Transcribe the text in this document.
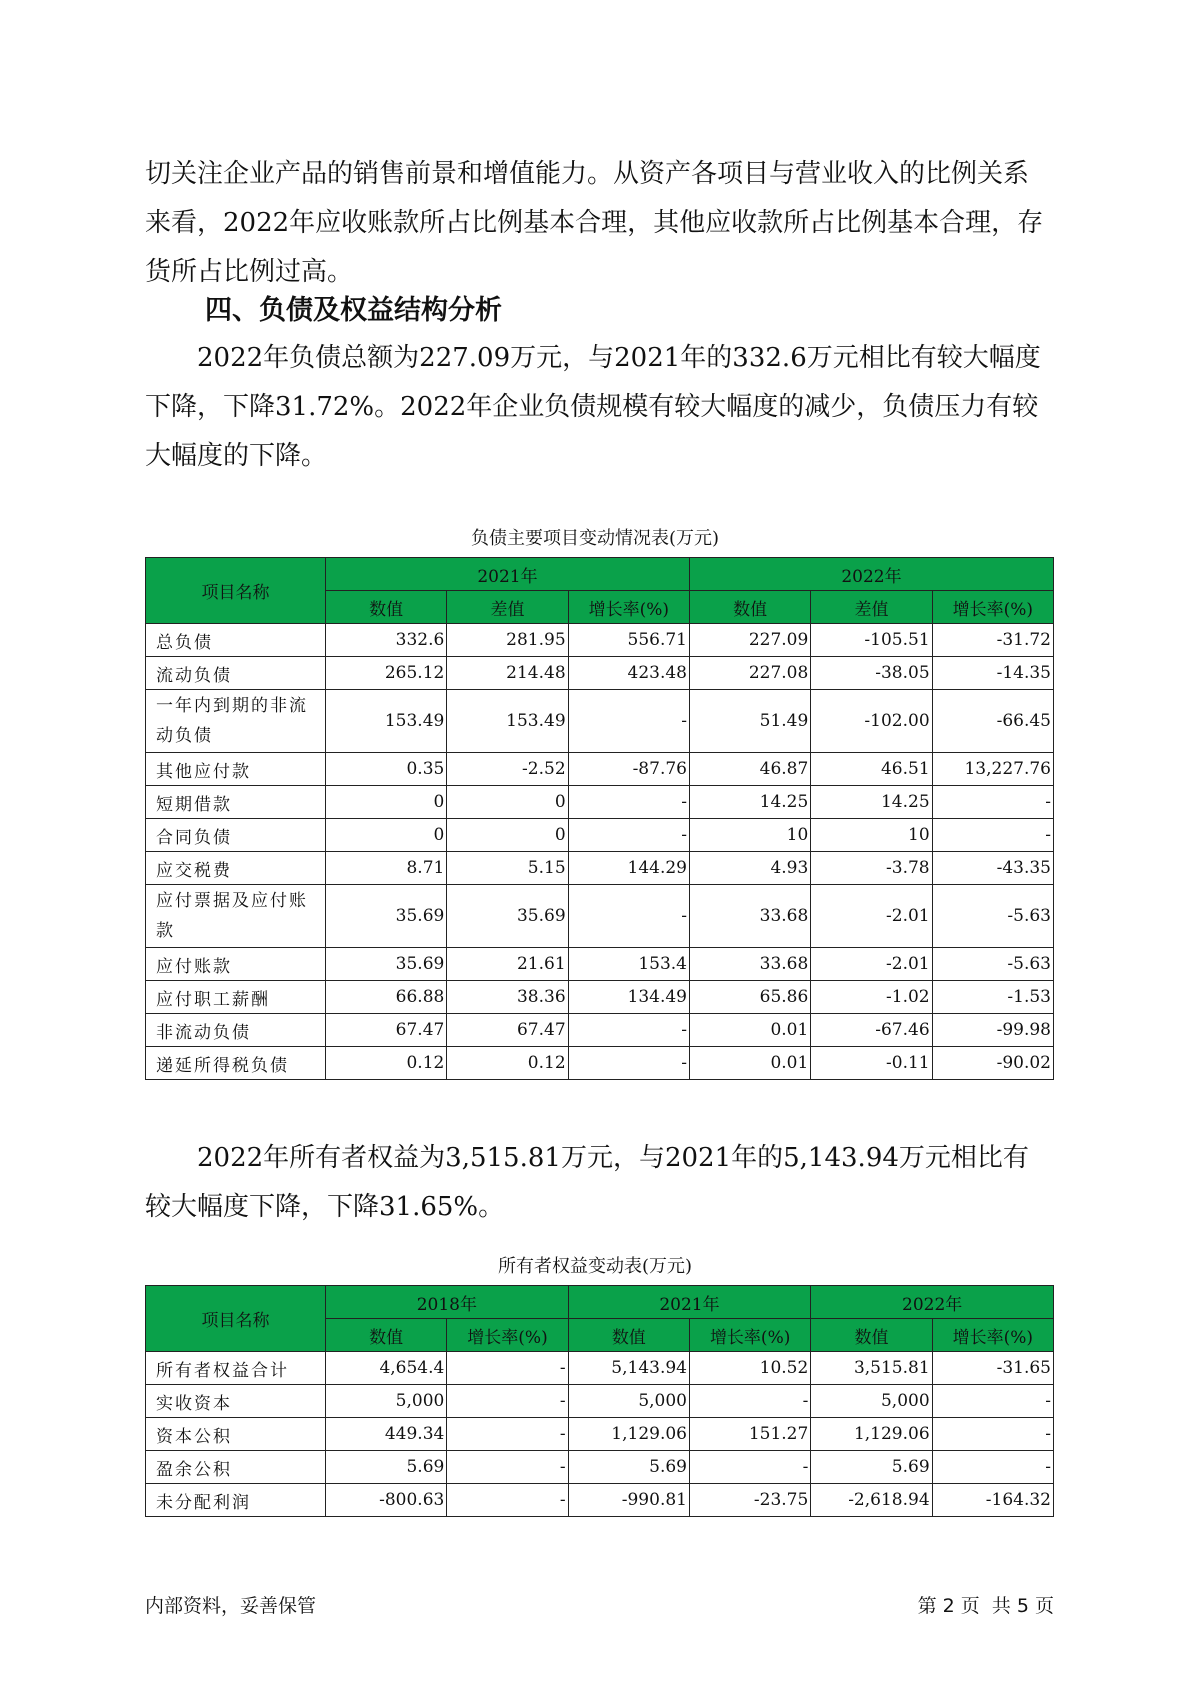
切关注企业产品的销售前景和增值能力。从资产各项目与营业收入的比例关系来看，2022年应收账款所占比例基本合理，其他应收款所占比例基本合理，存货所占比例过高。

四、负债及权益结构分析

2022年负债总额为227.09万元，与2021年的332.6万元相比有较大幅度下降，下降31.72%。2022年企业负债规模有较大幅度的减少，负债压力有较大幅度的下降。

负债主要项目变动情况表(万元)
项目名称	2021年			2022年		
	数值	差值	增长率(%)	数值	差值	增长率(%)
总负债	332.6	281.95	556.71	227.09	-105.51	-31.72
流动负债	265.12	214.48	423.48	227.08	-38.05	-14.35
一年内到期的非流动负债	153.49	153.49	-	51.49	-102.00	-66.45
其他应付款	0.35	-2.52	-87.76	46.87	46.51	13,227.76
短期借款	0	0	-	14.25	14.25	-
合同负债	0	0	-	10	10	-
应交税费	8.71	5.15	144.29	4.93	-3.78	-43.35
应付票据及应付账款	35.69	35.69	-	33.68	-2.01	-5.63
应付账款	35.69	21.61	153.4	33.68	-2.01	-5.63
应付职工薪酬	66.88	38.36	134.49	65.86	-1.02	-1.53
非流动负债	67.47	67.47	-	0.01	-67.46	-99.98
递延所得税负债	0.12	0.12	-	0.01	-0.11	-90.02

2022年所有者权益为3,515.81万元，与2021年的5,143.94万元相比有较大幅度下降，下降31.65%。

所有者权益变动表(万元)
项目名称	2018年		2021年		2022年	
	数值	增长率(%)	数值	增长率(%)	数值	增长率(%)
所有者权益合计	4,654.4	-	5,143.94	10.52	3,515.81	-31.65
实收资本	5,000	-	5,000	-	5,000	-
资本公积	449.34	-	1,129.06	151.27	1,129.06	-
盈余公积	5.69	-	5.69	-	5.69	-
未分配利润	-800.63	-	-990.81	-23.75	-2,618.94	-164.32
内部资料，妥善保管	第 2 页  共 5 页
